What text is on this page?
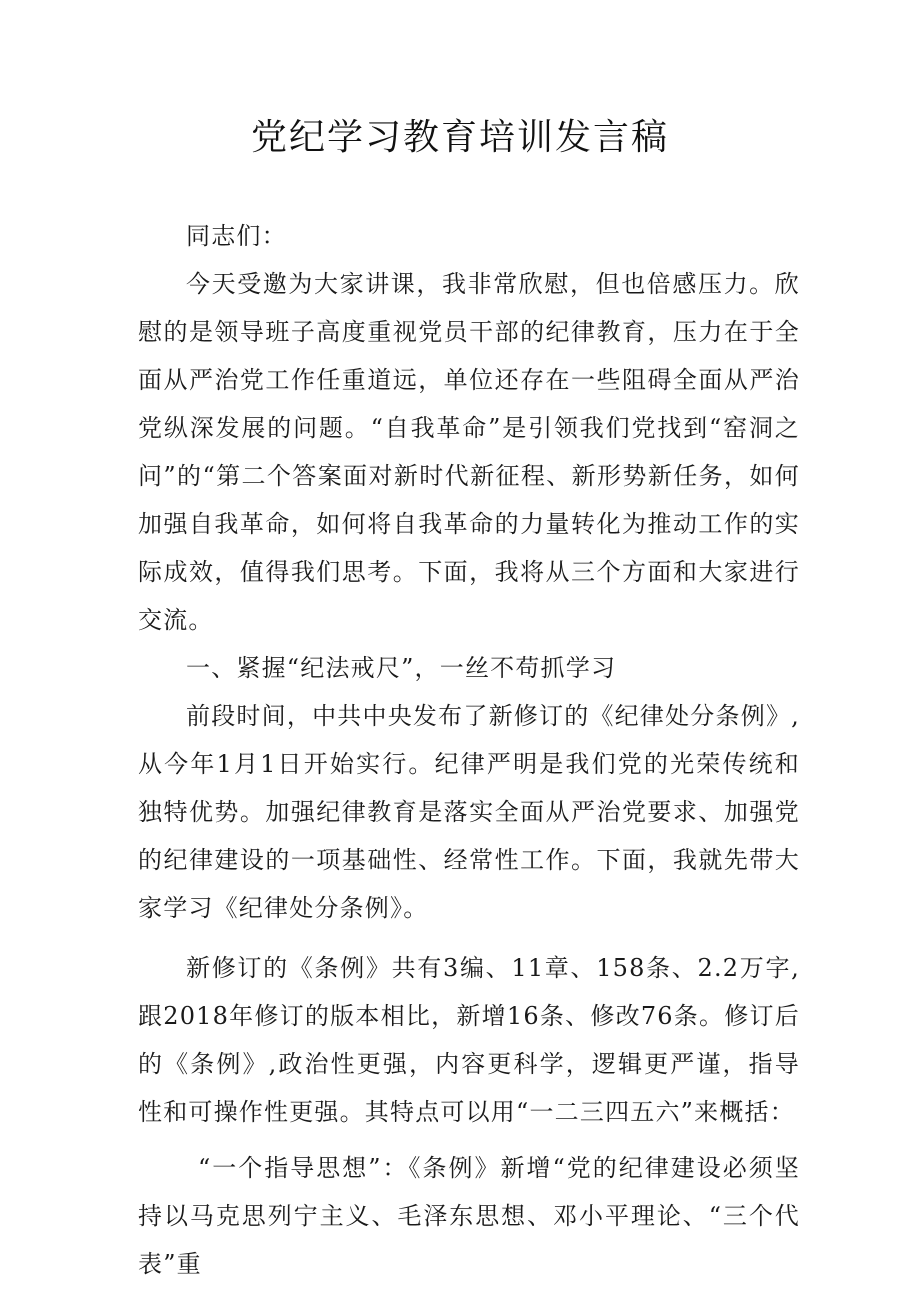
党纪学习教育培训发言稿

同志们：

今天受邀为大家讲课，我非常欣慰，但也倍感压力。欣慰的是领导班子高度重视党员干部的纪律教育，压力在于全面从严治党工作任重道远，单位还存在一些阻碍全面从严治党纵深发展的问题。“自我革命”是引领我们党找到“窑洞之问”的“第二个答案面对新时代新征程、新形势新任务，如何加强自我革命，如何将自我革命的力量转化为推动工作的实际成效，值得我们思考。下面，我将从三个方面和大家进行交流。

一、紧握“纪法戒尺”，一丝不苟抓学习

前段时间，中共中央发布了新修订的《纪律处分条例》,从今年1月1日开始实行。纪律严明是我们党的光荣传统和独特优势。加强纪律教育是落实全面从严治党要求、加强党的纪律建设的一项基础性、经常性工作。下面，我就先带大家学习《纪律处分条例》。

新修订的《条例》共有3编、11章、158条、2.2万字,跟2018年修订的版本相比，新增16条、修改76条。修订后的《条例》,政治性更强，内容更科学，逻辑更严谨，指导性和可操作性更强。其特点可以用“一二三四五六”来概括：

“一个指导思想”：《条例》新增“党的纪律建设必须坚持以马克思列宁主义、毛泽东思想、邓小平理论、“三个代表”重
